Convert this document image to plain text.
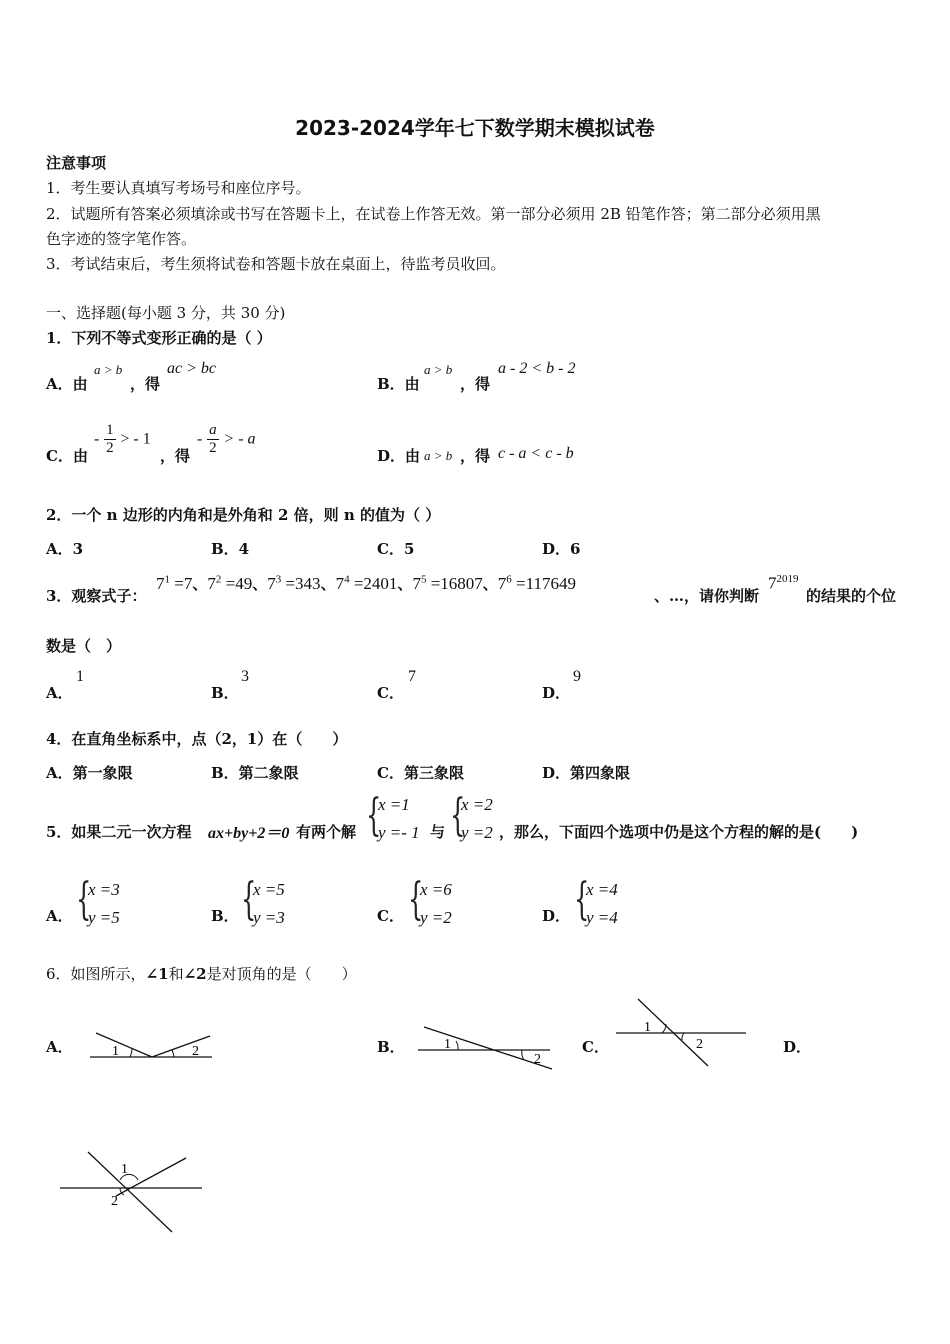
2023-2024学年七下数学期末模拟试卷
注意事项
1．考生要认真填写考场号和座位序号。
2．试题所有答案必须填涂或书写在答题卡上，在试卷上作答无效。第一部分必须用 2B 铅笔作答；第二部分必须用黑
色字迹的签字笔作答。
3．考试结束后，考生须将试卷和答题卡放在桌面上，待监考员收回。
一、选择题(每小题 3 分，共 30 分)
1．下列不等式变形正确的是（ ）
A．由
a > b
，得
ac > bc
B．由
a > b
，得
a - 2 < b - 2
C．由
- $\frac{1}{2}$ > - 1
，得
- $\frac{a}{2}$ > - a
D．由 a > b ，得 c - a < c - b
2．一个 n 边形的内角和是外角和 2 倍，则 n 的值为（ ）
A．3	B．4	C．5	D．6
3．观察式子：
$7^1 =7$、$7^2 =49$、$7^3 =343$、$7^4 =2401$、$7^5 =16807$、$7^6 =117649$
、…，请你判断
$7^{2019}$
的结果的个位
数是（　）
A．
1
B．
3
C．
7
D．
9
4．在直角坐标系中，点（2，1）在（　　）
A．第一象限	B．第二象限	C．第三象限	D．第四象限
5．如果二元一次方程 ax+by+2＝0 有两个解 {
x =1
y =- 1 与 {
x =2
y =2 ，那么，下面四个选项中仍是这个方程的解的是(　　)
A． {
x =3
y =5	B． {
x =5
y =3	C． {
x =6
y =2	D． {
x =4
y =4
6．如图所示，∠1和∠2是对顶角的是（　　）
A．	1	2	B．	1
2
C．
1
2	D．
1
2
